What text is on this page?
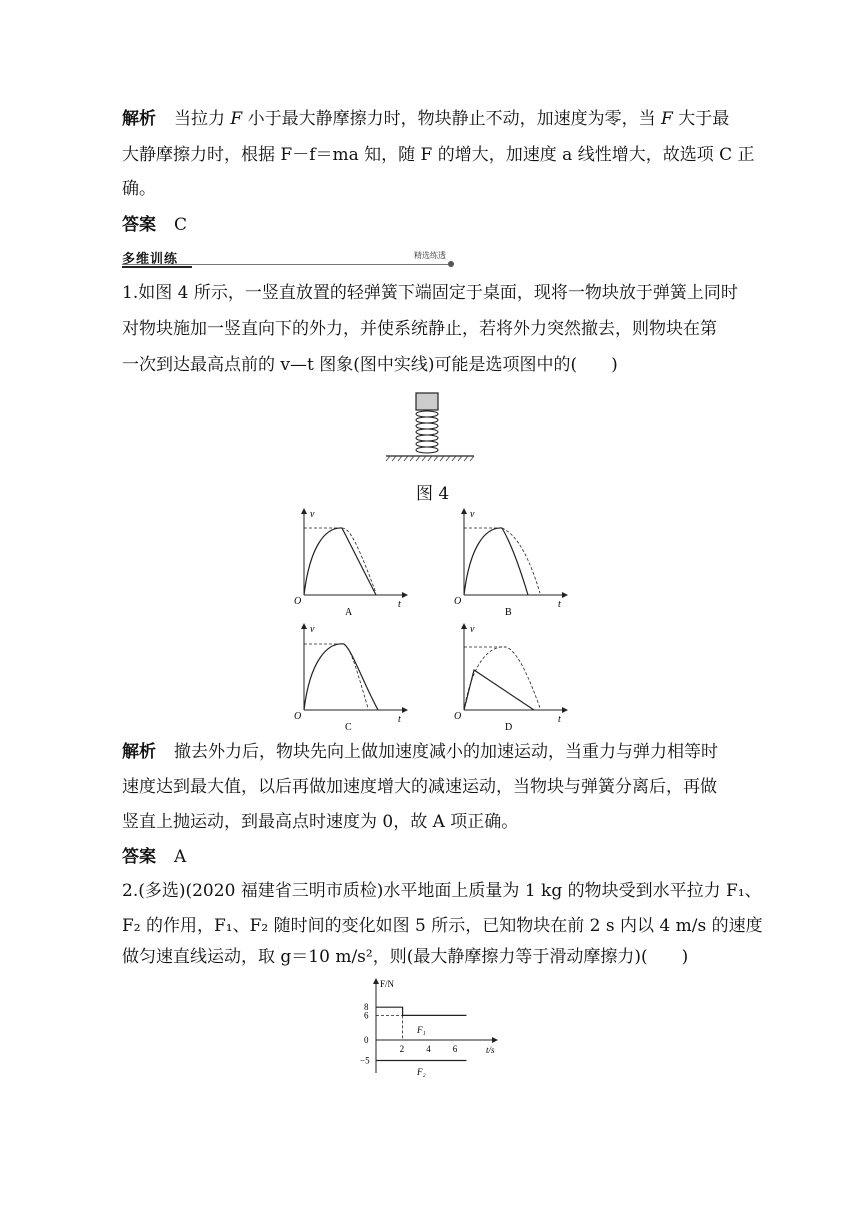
解析 当拉力 F 小于最大静摩擦力时，物块静止不动，加速度为零，当 F 大于最
大静摩擦力时，根据 F－f＝ma 知，随 F 的增大，加速度 a 线性增大，故选项 C 正
确。
答案 C
多维训练	精选练透
1.如图 4 所示，一竖直放置的轻弹簧下端固定于桌面，现将一物块放于弹簧上同时
对物块施加一竖直向下的外力，并使系统静止，若将外力突然撤去，则物块在第
一次到达最高点前的 v—t 图象(图中实线)可能是选项图中的(　　)
图 4
v
t
O
A
v
t
O
B
v
t
O
C
v
t
O
D
解析 撤去外力后，物块先向上做加速度减小的加速运动，当重力与弹力相等时
速度达到最大值，以后再做加速度增大的减速运动，当物块与弹簧分离后，再做
竖直上抛运动，到最高点时速度为 0，故 A 项正确。
答案 A
2.(多选)(2020 福建省三明市质检)水平地面上质量为 1 kg 的物块受到水平拉力 F₁、
F₂ 的作用，F₁、F₂ 随时间的变化如图 5 所示，已知物块在前 2 s 内以 4 m/s 的速度
做匀速直线运动，取 g＝10 m/s²，则(最大静摩擦力等于滑动摩擦力)(　　)
F/N
t/s
2 4 6
8
6
0
−5
F₁
F₂
